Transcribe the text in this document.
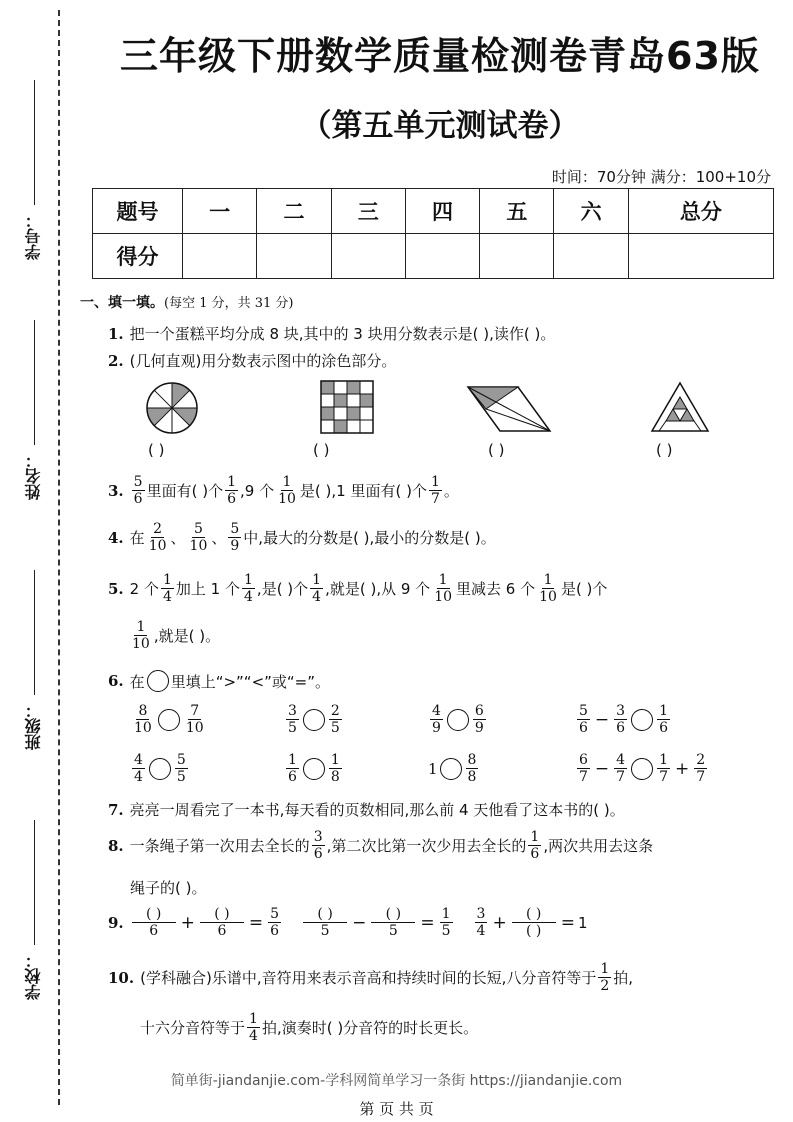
学号：
姓名：
班级：
学校：
三年级下册数学质量检测卷青岛63版
（第五单元测试卷）
时间：70分钟 满分：100+10分
题号	一	二	三	四	五	六	总分
得分							
一、填一填。(每空 1 分，共 31 分)
1. 把一个蛋糕平均分成 8 块,其中的 3 块用分数表示是( ),读作( )。
2. (几何直观)用分数表示图中的涂色部分。
( )	( )	( )	( )
3. $\frac{5}{6}$ 里面有( )个 $\frac{1}{6} ,9$ 个 $\frac{1}{10}$ 是( ),1 里面有( )个 $\frac{1}{7}$ 。
4. 在 $\frac{2}{10}$ 、 $\frac{5}{10}$ 、 $\frac{5}{9}$ 中,最大的分数是( ),最小的分数是( )。
5. 2 个 $\frac{1}{4}$ 加上 1 个 $\frac{1}{4}$ ,是( )个 $\frac{1}{4}$ ,就是( ),从 9 个 $\frac{1}{10}$ 里减去 6 个 $\frac{1}{10}$ 是( )个
$\frac{1}{10}$ ,就是( )。
6. 在 里填上“>”“<”或“=”。
$\frac{8}{10} \frac{7}{10}$	$\frac{3}{5} \frac{2}{5}$	$\frac{4}{9} \frac{6}{9}$	$\frac{5}{6} - \frac{3}{6} \frac{1}{6}$
$\frac{4}{4} \frac{5}{5}$	$\frac{1}{6} \frac{1}{8}$	$1 \frac{8}{8}$	$\frac{6}{7} - \frac{4}{7} \frac{1}{7} + \frac{2}{7}$
7. 亮亮一周看完了一本书,每天看的页数相同,那么前 4 天他看了这本书的( )。
8. 一条绳子第一次用去全长的 $\frac{3}{6}$ ,第二次比第一次少用去全长的 $\frac{1}{6}$ ,两次共用去这条
绳子的( )。
9. $\frac{( )}{6} + \frac{( )}{6} = \frac{5}{6} \frac{( )}{5} - \frac{( )}{5} = \frac{1}{5} \frac{3}{4} + \frac{( )}{( )} = 1$
10. (学科融合)乐谱中,音符用来表示音高和持续时间的长短,八分音符等于 $\frac{1}{2}$ 拍,
十六分音符等于 $\frac{1}{4}$ 拍,演奏时( )分音符的时长更长。
简单街-jiandanjie.com-学科网简单学习一条街 https://jiandanjie.com
第 页 共 页
